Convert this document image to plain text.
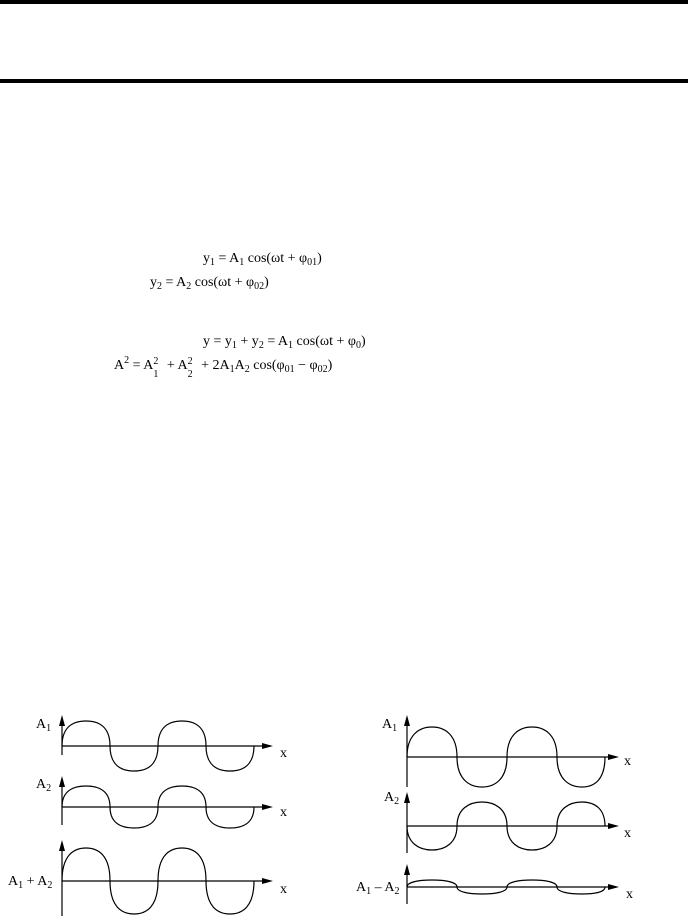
$y_1 = A_1$ $\cos(\omega t + \varphi_{01})$
$y_2 = A_2$ $\cos(\omega t + \varphi_{02})$
$y = y_1 + y_2 = A_1$ $\cos(\omega t + \varphi_0)$
$A^2 = A$ 2
1
+ A 2
2
+ $2A_1A_2$ $\cos(\varphi_{01} - \varphi_{02})$
$A_1$
x
$A_2$
x
$A_1 + A_2$	x
$A_1$
x
$A_2$
x
$A_1 - A_2$	x
